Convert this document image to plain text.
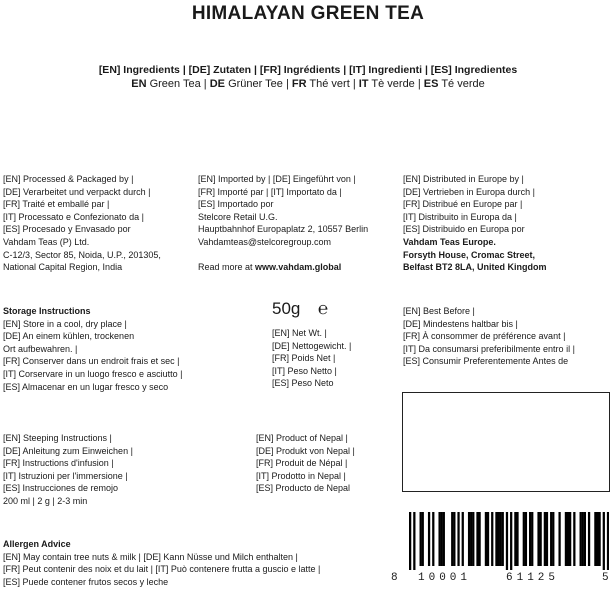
HIMALAYAN GREEN TEA
[EN] Ingredients | [DE] Zutaten | [FR] Ingrédients | [IT] Ingredienti | [ES] Ingredientes
EN Green Tea | DE Grüner Tee | FR Thé vert | IT Tè verde | ES Té verde
[EN] Processed & Packaged by |
[DE] Verarbeitet und verpackt durch |
[FR] Traité et emballé par |
[IT] Processato e Confezionato da |
[ES] Procesado y Envasado por
Vahdam Teas (P) Ltd.
C-12/3, Sector 85, Noida, U.P., 201305,
National Capital Region, India
[EN] Imported by | [DE] Eingeführt von |
[FR] Importé par | [IT] Importato da |
[ES] Importado por
Stelcore Retail U.G.
Hauptbahnhof Europaplatz 2, 10557 Berlin
Vahdamteas@stelcoregroup.com
Read more at www.vahdam.global
[EN] Distributed in Europe by |
[DE] Vertrieben in Europa durch |
[FR] Distribué en Europe par |
[IT] Distribuito in Europa da |
[ES] Distribuido en Europa por
Vahdam Teas Europe.
Forsyth House, Cromac Street,
Belfast BT2 8LA, United Kingdom
Storage Instructions
[EN] Store in a cool, dry place |
[DE] An einem kühlen, trockenen
Ort aufbewahren. |
[FR] Conserver dans un endroit frais et sec |
[IT] Corservare in un luogo fresco e asciutto |
[ES] Almacenar en un lugar fresco y seco
50g ℮
[EN] Net Wt. |
[DE] Nettogewicht. |
[FR] Poids Net |
[IT] Peso Netto |
[ES] Peso Neto
[EN] Best Before |
[DE] Mindestens haltbar bis |
[FR] À consommer de préférence avant |
[IT] Da consumarsi preferibilmente entro il |
[ES] Consumir Preferentemente Antes de
[EN] Steeping Instructions |
[DE] Anleitung zum Einweichen |
[FR] Instructions d'infusion |
[IT] Istruzioni per l'immersione |
[ES] Instrucciones de remojo
200 ml | 2 g | 2-3 min
[EN] Product of Nepal |
[DE] Produkt von Nepal |
[FR] Produit de Népal |
[IT] Prodotto in Nepal |
[ES] Producto de Nepal
Allergen Advice
[EN] May contain tree nuts & milk | [DE] Kann Nüsse und Milch enthalten |
[FR] Peut contenir des noix et du lait | [IT] Può contenere frutta a guscio e latte |
[ES] Puede contener frutos secos y leche	8 10001	61125	5
